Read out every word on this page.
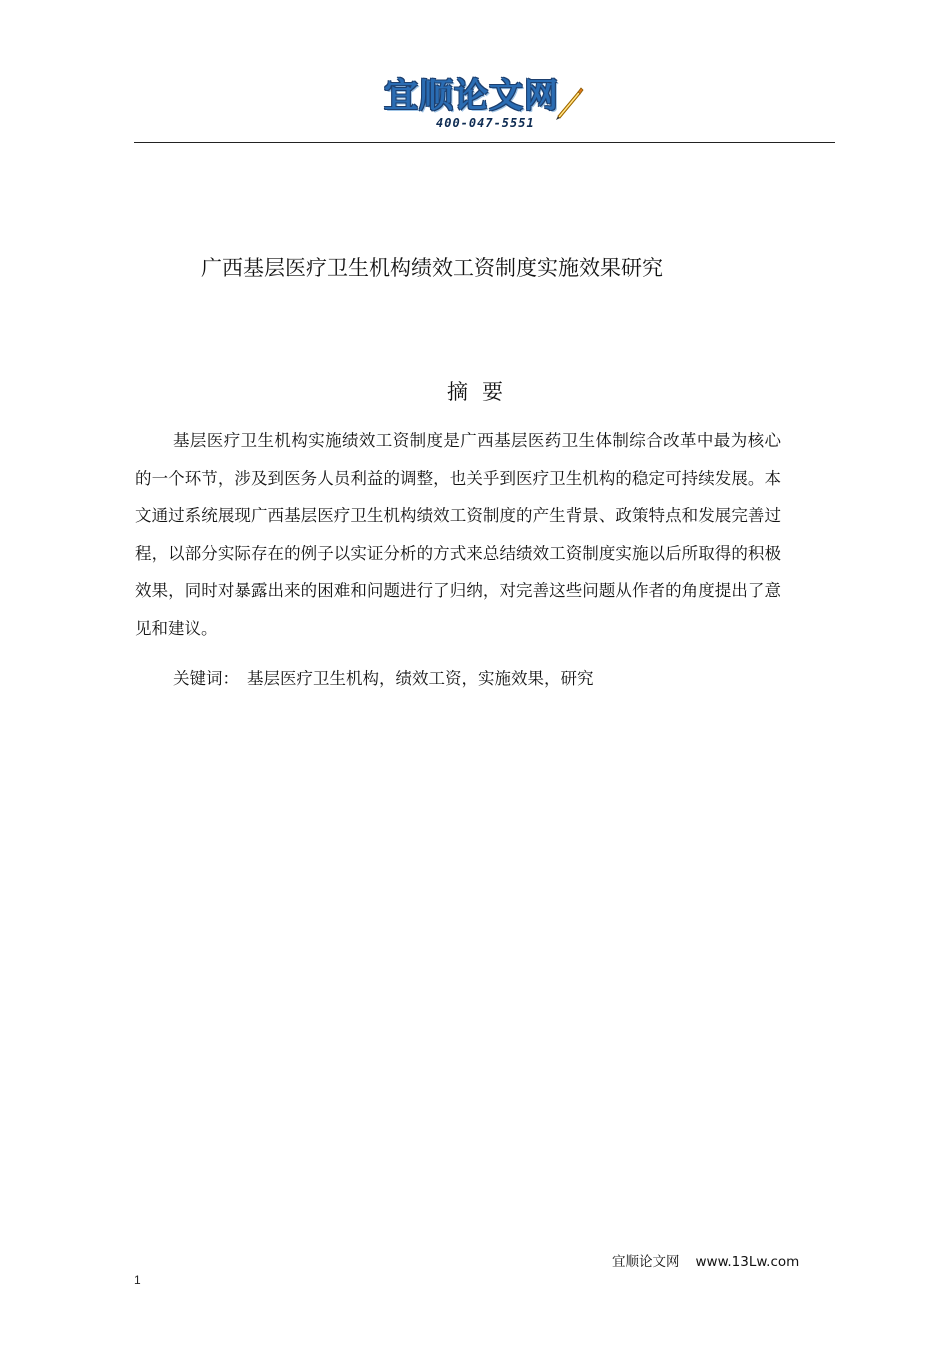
宜顺论文网
400-047-5551
广西基层医疗卫生机构绩效工资制度实施效果研究
摘要

基层医疗卫生机构实施绩效工资制度是广西基层医药卫生体制综合改革中最为核心的一个环节，涉及到医务人员利益的调整，也关乎到医疗卫生机构的稳定可持续发展。本文通过系统展现广西基层医疗卫生机构绩效工资制度的产生背景、政策特点和发展完善过程，以部分实际存在的例子以实证分析的方式来总结绩效工资制度实施以后所取得的积极效果，同时对暴露出来的困难和问题进行了归纳，对完善这些问题从作者的角度提出了意见和建议。

关键词： 基层医疗卫生机构，绩效工资，实施效果，研究
宜顺论文网 www.13Lw.com
1
